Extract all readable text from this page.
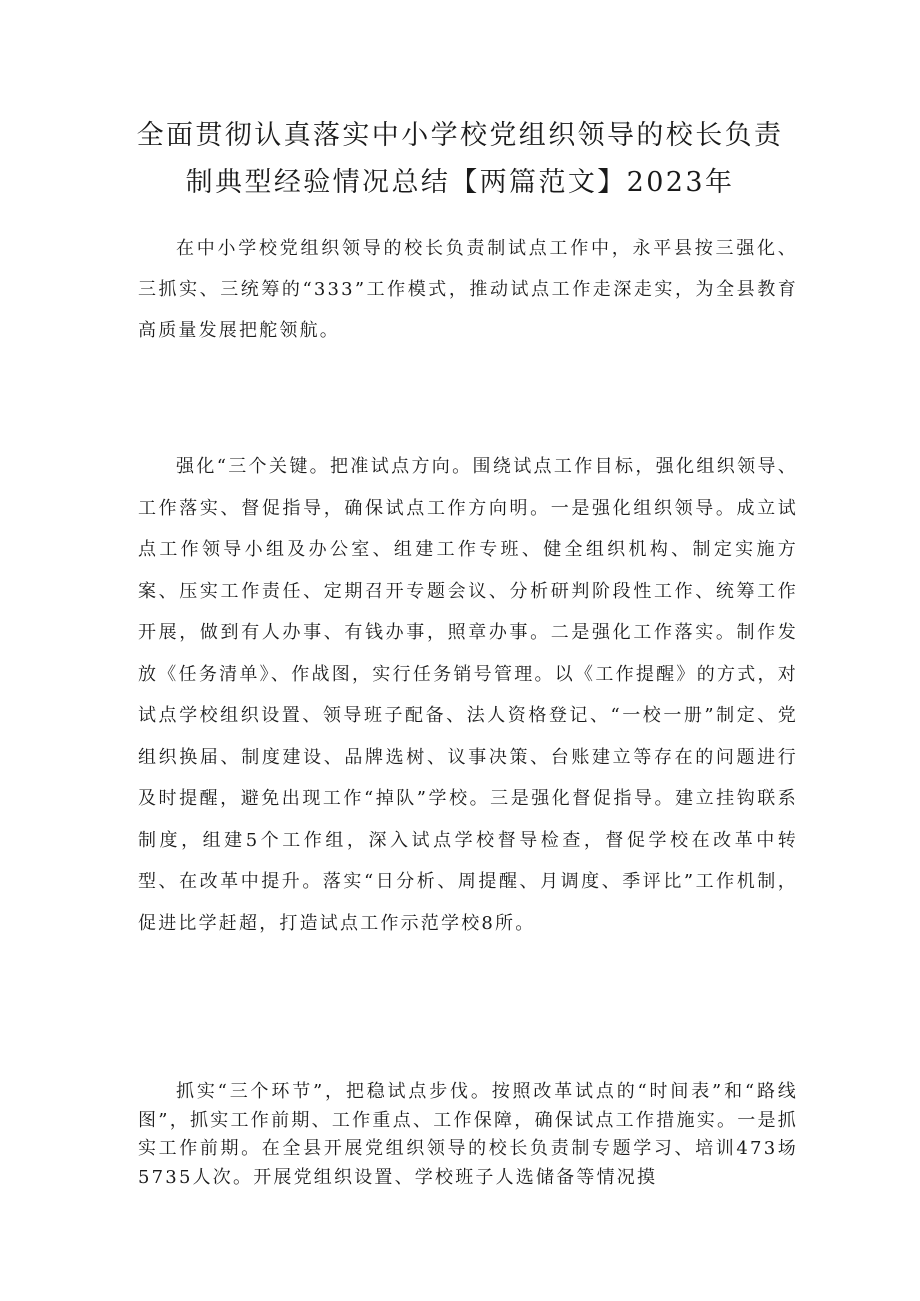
全面贯彻认真落实中小学校党组织领导的校长负责
制典型经验情况总结【两篇范文】2023年

在中小学校党组织领导的校长负责制试点工作中，永平县按三强化、三抓实、三统筹的“333”工作模式，推动试点工作走深走实，为全县教育高质量发展把舵领航。

强化“三个关键。把准试点方向。围绕试点工作目标，强化组织领导、工作落实、督促指导，确保试点工作方向明。一是强化组织领导。成立试点工作领导小组及办公室、组建工作专班、健全组织机构、制定实施方案、压实工作责任、定期召开专题会议、分析研判阶段性工作、统筹工作开展，做到有人办事、有钱办事，照章办事。二是强化工作落实。制作发放《任务清单》、作战图，实行任务销号管理。以《工作提醒》的方式，对试点学校组织设置、领导班子配备、法人资格登记、“一校一册”制定、党组织换届、制度建设、品牌选树、议事决策、台账建立等存在的问题进行及时提醒，避免出现工作“掉队”学校。三是强化督促指导。建立挂钩联系制度，组建5个工作组，深入试点学校督导检查，督促学校在改革中转型、在改革中提升。落实“日分析、周提醒、月调度、季评比”工作机制，促进比学赶超，打造试点工作示范学校8所。

抓实“三个环节”，把稳试点步伐。按照改革试点的“时间表”和“路线图”，抓实工作前期、工作重点、工作保障，确保试点工作措施实。一是抓实工作前期。在全县开展党组织领导的校长负责制专题学习、培训473场5735人次。开展党组织设置、学校班子人选储备等情况摸
